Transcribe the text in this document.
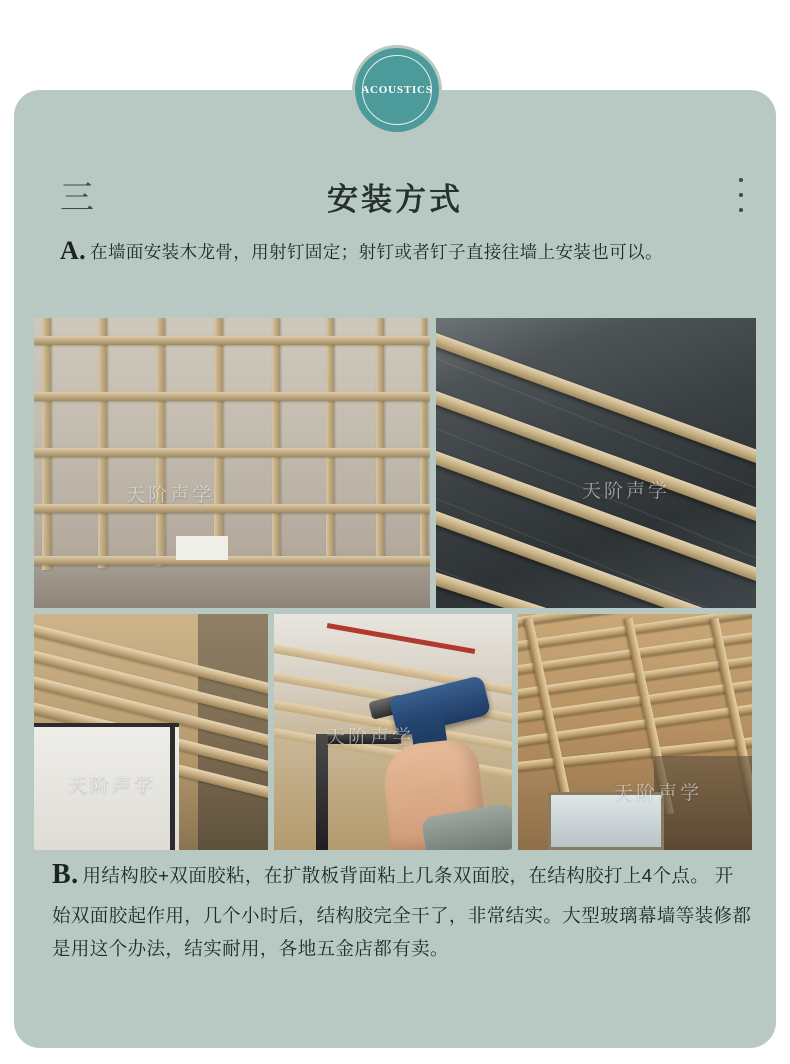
三	安装方式
A. 在墙面安装木龙骨，用射钉固定；射钉或者钉子直接往墙上安装也可以。
天阶声学	天阶声学
天阶声学
天阶声学
天阶声学
B. 用结构胶+双面胶粘，在扩散板背面粘上几条双面胶，在结构胶打上4个点。 开始双面胶起作用，几个小时后，结构胶完全干了，非常结实。大型玻璃幕墙等装修都是用这个办法，结实耐用，各地五金店都有卖。
ACOUSTICS
